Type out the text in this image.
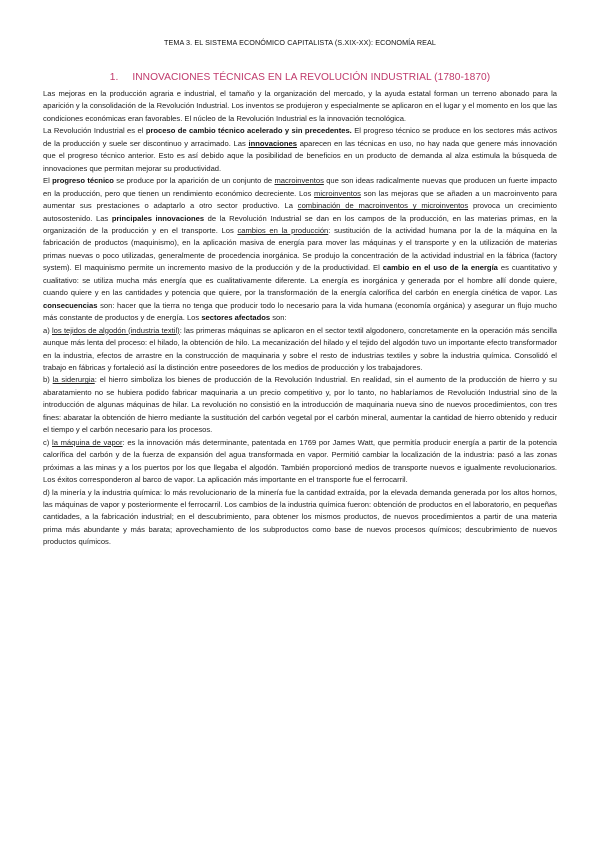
TEMA 3. EL SISTEMA ECONÓMICO CAPITALISTA (S.XIX-XX): ECONOMÍA REAL
1. INNOVACIONES TÉCNICAS EN LA REVOLUCIÓN INDUSTRIAL (1780-1870)

Las mejoras en la producción agraria e industrial, el tamaño y la organización del mercado, y la ayuda estatal forman un terreno abonado para la aparición y la consolidación de la Revolución Industrial. Los inventos se produjeron y especialmente se aplicaron en el lugar y el momento en los que las condiciones económicas eran favorables. El núcleo de la Revolución Industrial es la innovación tecnológica.

La Revolución Industrial es el proceso de cambio técnico acelerado y sin precedentes. El progreso técnico se produce en los sectores más activos de la producción y suele ser discontinuo y arracimado. Las innovaciones aparecen en las técnicas en uso, no hay nada que genere más innovación que el progreso técnico anterior. Esto es así debido aque la posibilidad de beneficios en un producto de demanda al alza estimula la búsqueda de innovaciones que permitan mejorar su productividad.

El progreso técnico se produce por la aparición de un conjunto de macroinventos que son ideas radicalmente nuevas que producen un fuerte impacto en la producción, pero que tienen un rendimiento económico decreciente. Los microinventos son las mejoras que se añaden a un macroinvento para aumentar sus prestaciones o adaptarlo a otro sector productivo. La combinación de macroinventos y microinventos provoca un crecimiento autosostenido. Las principales innovaciones de la Revolución Industrial se dan en los campos de la producción, en las materias primas, en la organización de la producción y en el transporte. Los cambios en la producción: sustitución de la actividad humana por la de la máquina en la fabricación de productos (maquinismo), en la aplicación masiva de energía para mover las máquinas y el transporte y en la utilización de materias primas nuevas o poco utilizadas, generalmente de procedencia inorgánica. Se produjo la concentración de la actividad industrial en la fábrica (factory system). El maquinismo permite un incremento masivo de la producción y de la productividad. El cambio en el uso de la energía es cuantitativo y cualitativo: se utiliza mucha más energía que es cualitativamente diferente. La energía es inorgánica y generada por el hombre allí donde quiere, cuando quiere y en las cantidades y potencia que quiere, por la transformación de la energía calorífica del carbón en energía cinética de vapor. Las consecuencias son: hacer que la tierra no tenga que producir todo lo necesario para la vida humana (economía orgánica) y asegurar un flujo mucho más constante de productos y de energía. Los sectores afectados son:

a) los tejidos de algodón (industria textil): las primeras máquinas se aplicaron en el sector textil algodonero, concretamente en la operación más sencilla aunque más lenta del proceso: el hilado, la obtención de hilo. La mecanización del hilado y el tejido del algodón tuvo un importante efecto transformador en la industria, efectos de arrastre en la construcción de maquinaria y sobre el resto de industrias textiles y sobre la industria química. Consolidó el trabajo en fábricas y fortaleció así la distinción entre poseedores de los medios de producción y los trabajadores.

b) la siderurgia: el hierro simboliza los bienes de producción de la Revolución Industrial. En realidad, sin el aumento de la producción de hierro y su abaratamiento no se hubiera podido fabricar maquinaria a un precio competitivo y, por lo tanto, no hablaríamos de Revolución Industrial sino de la introducción de algunas máquinas de hilar. La revolución no consistió en la introducción de maquinaria nueva sino de nuevos procedimientos, con tres fines: abaratar la obtención de hierro mediante la sustitución del carbón vegetal por el carbón mineral, aumentar la cantidad de hierro obtenido y reducir el tiempo y el carbón necesario para los procesos.

c) la máquina de vapor: es la innovación más determinante, patentada en 1769 por James Watt, que permitía producir energía a partir de la potencia calorífica del carbón y de la fuerza de expansión del agua transformada en vapor. Permitió cambiar la localización de la industria: pasó a las zonas próximas a las minas y a los puertos por los que llegaba el algodón. También proporcionó medios de transporte nuevos e igualmente revolucionarios. Los éxitos corresponderon al barco de vapor. La aplicación más importante en el transporte fue el ferrocarril.

d) la minería y la industria química: lo más revolucionario de la minería fue la cantidad extraída, por la elevada demanda generada por los altos hornos, las máquinas de vapor y posteriormente el ferrocarril. Los cambios de la industria química fueron: obtención de productos en el laboratorio, en pequeñas cantidades, a la fabricación industrial; en el descubrimiento, para obtener los mismos productos, de nuevos procedimientos a partir de una materia prima más abundante y más barata; aprovechamiento de los subproductos como base de nuevos procesos químicos; descubrimiento de nuevos productos químicos.
